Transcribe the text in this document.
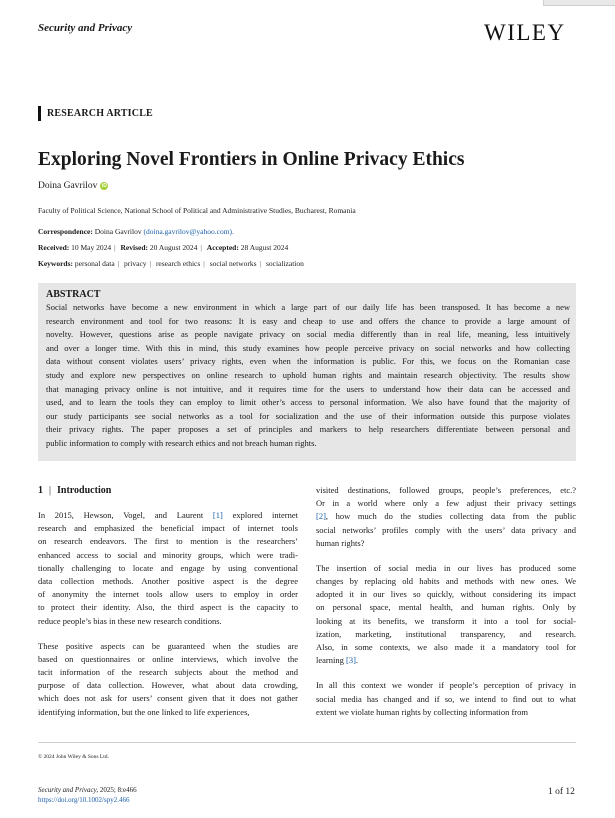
Security and Privacy	WILEY
RESEARCH ARTICLE
Exploring Novel Frontiers in Online Privacy Ethics
Doina Gavrilov iD
Faculty of Political Science, National School of Political and Administrative Studies, Bucharest, Romania
Correspondence: Doina Gavrilov (doina.gavrilov@yahoo.com).
Received: 10 May 2024 | Revised: 20 August 2024 | Accepted: 28 August 2024
Keywords: personal data | privacy | research ethics | social networks | socialization
ABSTRACT
Social networks have become a new environment in which a large part of our daily life has been transposed. It has become a new
research environment and tool for two reasons: It is easy and cheap to use and offers the chance to provide a large amount of
novelty. However, questions arise as people navigate privacy on social media differently than in real life, meaning, less intuitively
and over a longer time. With this in mind, this study examines how people perceive privacy on social networks and how collecting
data without consent violates users’ privacy rights, even when the information is public. For this, we focus on the Romanian case
study and explore new perspectives on online research to uphold human rights and maintain research objectivity. The results show
that managing privacy online is not intuitive, and it requires time for the users to understand how their data can be accessed and
used, and to learn the tools they can employ to limit other’s access to personal information. We also have found that the majority of
our study participants see social networks as a tool for socialization and the use of their information outside this purpose violates
their privacy rights. The paper proposes a set of principles and markers to help researchers differentiate between personal and
public information to comply with research ethics and not breach human rights.
1 | Introduction
In 2015, Hewson, Vogel, and Laurent [1] explored internet
research and emphasized the beneficial impact of internet tools
on research endeavors. The first to mention is the researchers’
enhanced access to social and minority groups, which were tradi-
tionally challenging to locate and engage by using conventional
data collection methods. Another positive aspect is the degree
of anonymity the internet tools allow users to employ in order
to protect their identity. Also, the third aspect is the capacity to
reduce people’s bias in these new research conditions.
These positive aspects can be guaranteed when the studies are
based on questionnaires or online interviews, which involve the
tacit information of the research subjects about the method and
purpose of data collection. However, what about data crowding,
which does not ask for users’ consent given that it does not gather
identifying information, but the one linked to life experiences,
visited destinations, followed groups, people’s preferences, etc.?
Or in a world where only a few adjust their privacy settings
[2], how much do the studies collecting data from the public
social networks’ profiles comply with the users’ data privacy and
human rights?
The insertion of social media in our lives has produced some
changes by replacing old habits and methods with new ones. We
adopted it in our lives so quickly, without considering its impact
on personal space, mental health, and human rights. Only by
looking at its benefits, we transform it into a tool for social-
ization, marketing, institutional transparency, and research.
Also, in some contexts, we also made it a mandatory tool for
learning [3].
In all this context we wonder if people’s perception of privacy in
social media has changed and if so, we intend to find out to what
extent we violate human rights by collecting information from
© 2024 John Wiley & Sons Ltd.
Security and Privacy, 2025; 8:e466
https://doi.org/10.1002/spy2.466
1 of 12
